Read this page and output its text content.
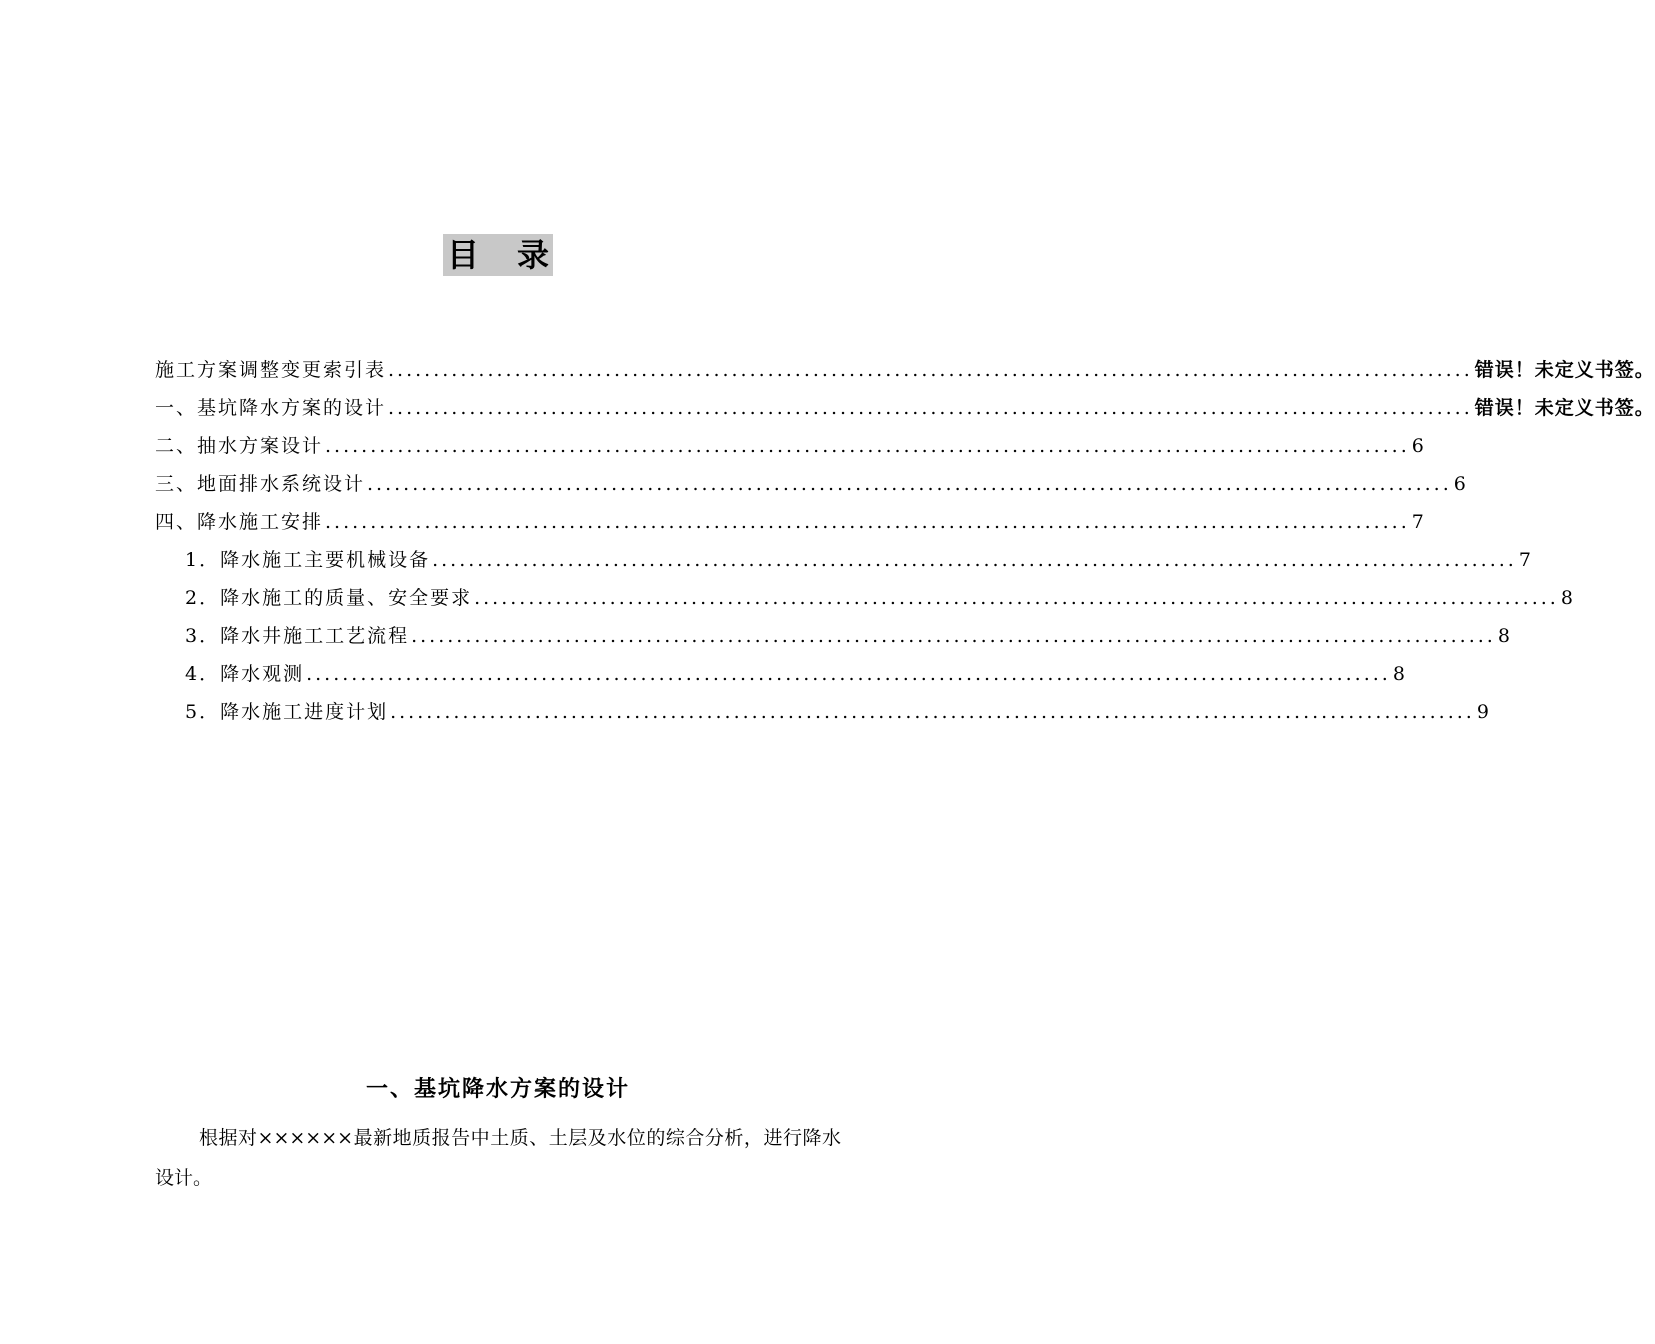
目 录
施工方案调整变更索引表 ........................................................................................................................ 错误！未定义书签。
一、基坑降水方案的设计 ........................................................................................................................ 错误！未定义书签。
二、抽水方案设计 ........................................................................................................................ 6
三、地面排水系统设计 ........................................................................................................................ 6
四、降水施工安排 ........................................................................................................................ 7
1．降水施工主要机械设备 ........................................................................................................................ 7
2．降水施工的质量、安全要求 ........................................................................................................................ 8
3．降水井施工工艺流程 ........................................................................................................................ 8
4．降水观测 ........................................................................................................................ 8
5．降水施工进度计划 ........................................................................................................................ 9
一、基坑降水方案的设计
根据对××××××最新地质报告中土质、土层及水位的综合分析，进行降水设计。
